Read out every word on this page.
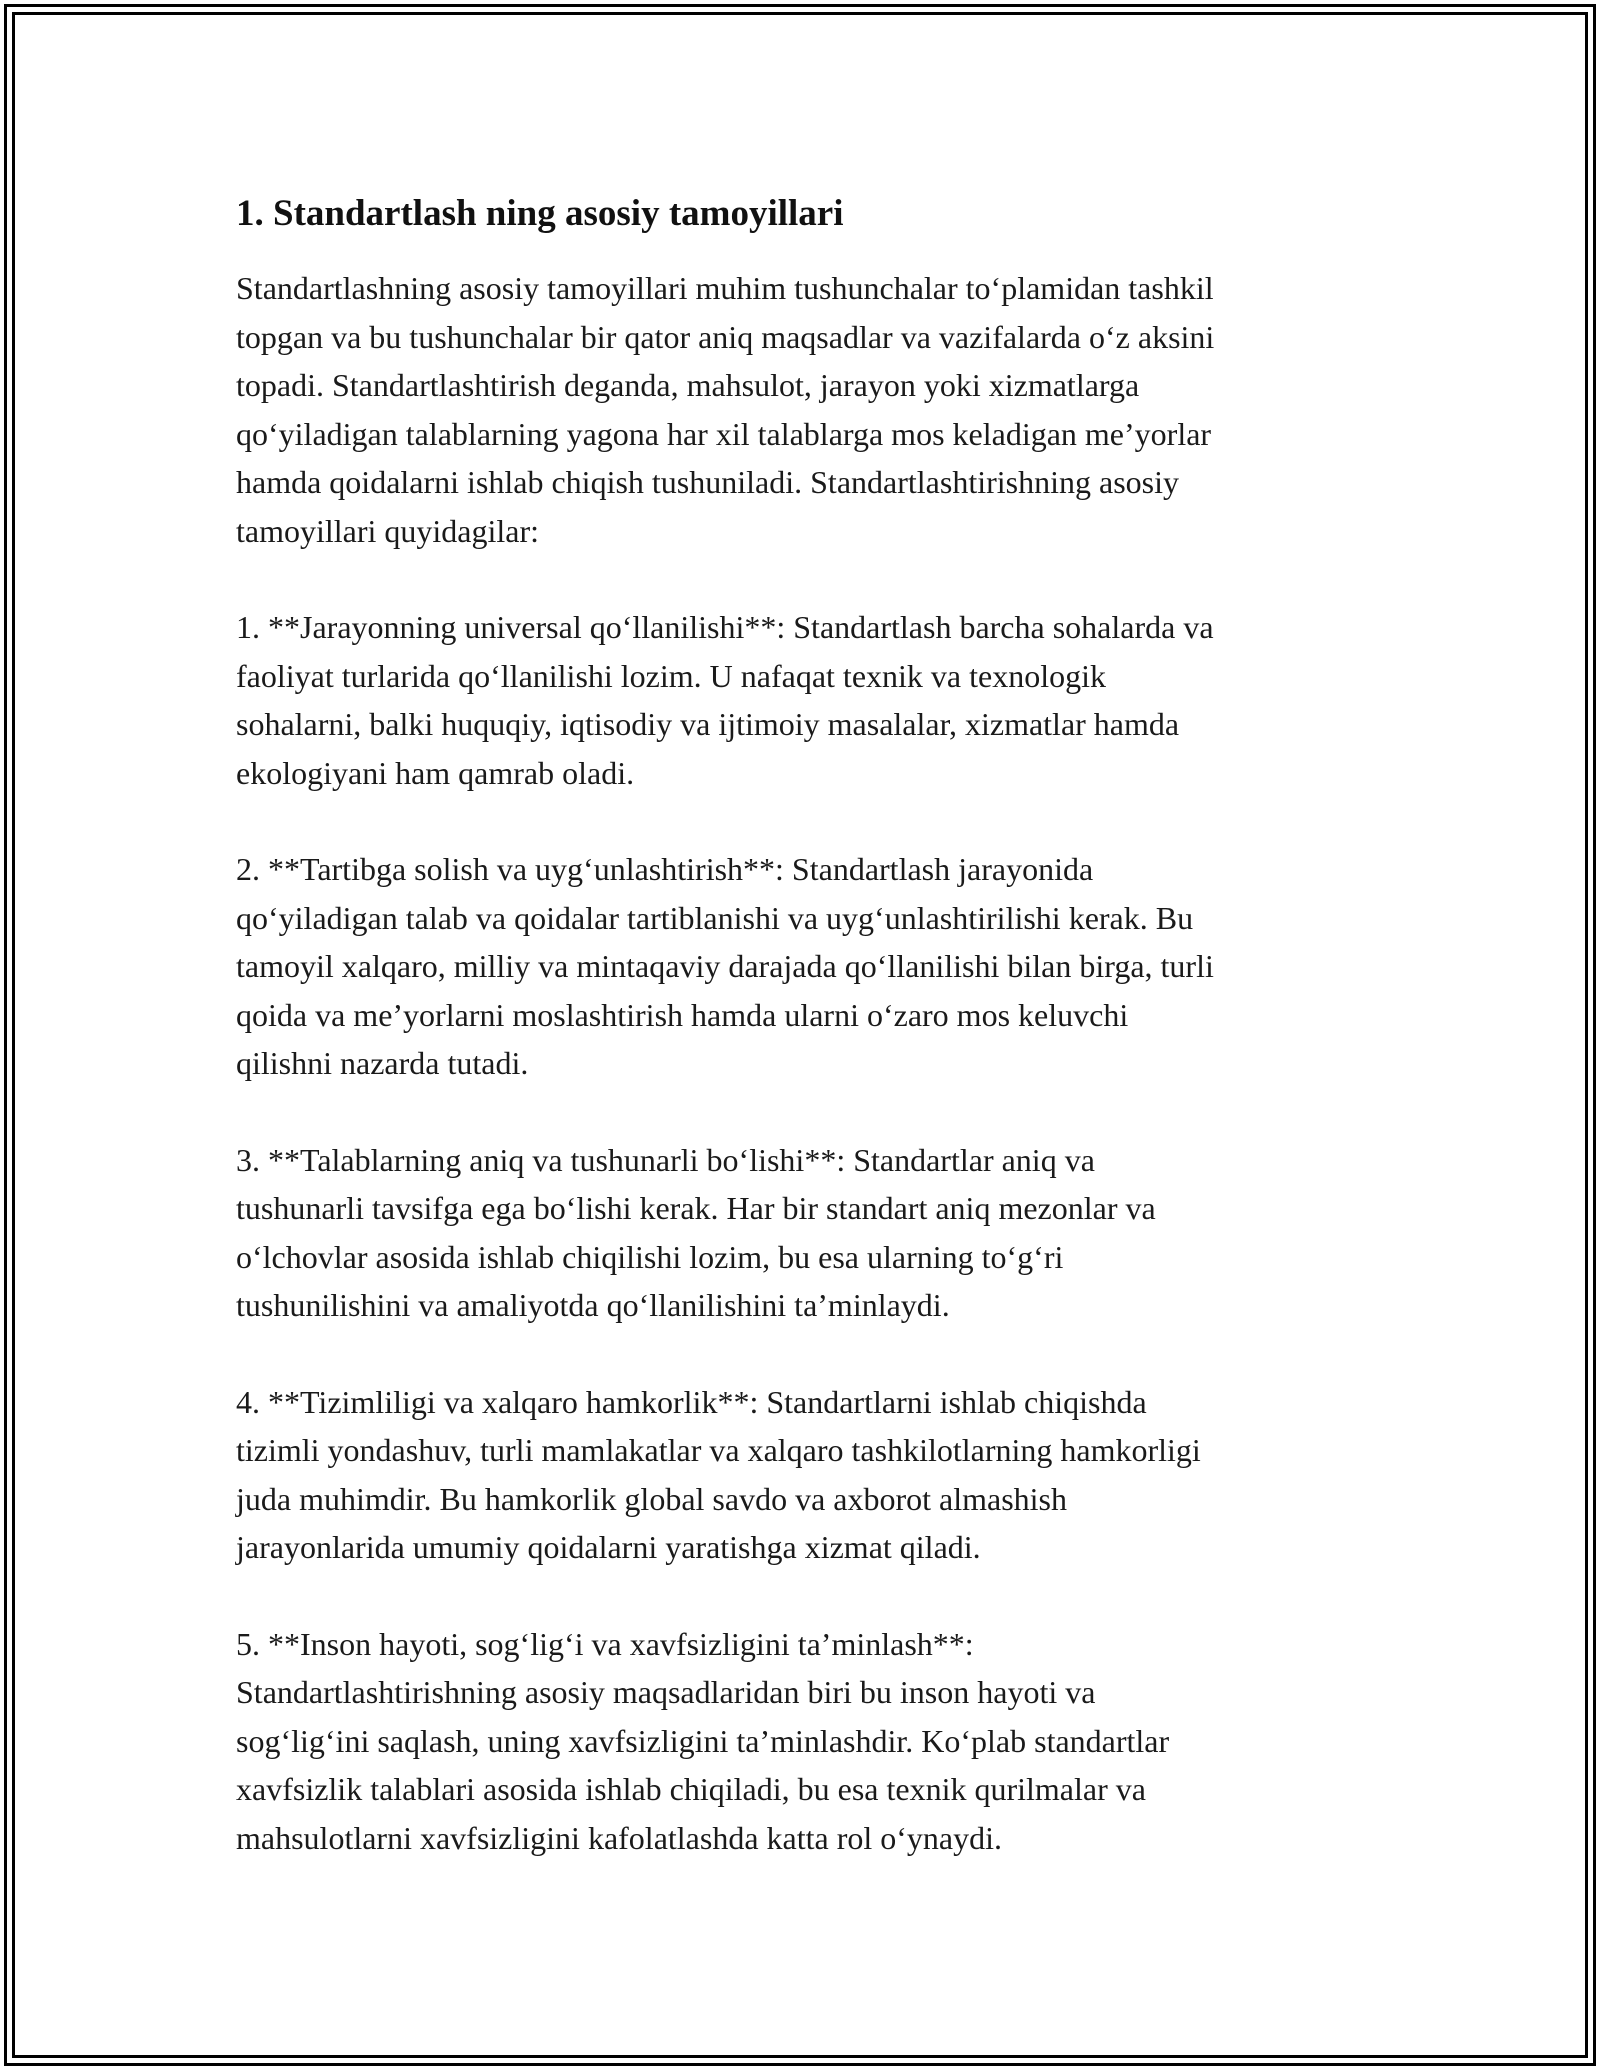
1. Standartlash ning asosiy tamoyillari

Standartlashning asosiy tamoyillari muhim tushunchalar to‘plamidan tashkil
topgan va bu tushunchalar bir qator aniq maqsadlar va vazifalarda o‘z aksini
topadi. Standartlashtirish deganda, mahsulot, jarayon yoki xizmatlarga
qo‘yiladigan talablarning yagona har xil talablarga mos keladigan me’yorlar
hamda qoidalarni ishlab chiqish tushuniladi. Standartlashtirishning asosiy
tamoyillari quyidagilar:

1. **Jarayonning universal qo‘llanilishi**: Standartlash barcha sohalarda va
faoliyat turlarida qo‘llanilishi lozim. U nafaqat texnik va texnologik
sohalarni, balki huquqiy, iqtisodiy va ijtimoiy masalalar, xizmatlar hamda
ekologiyani ham qamrab oladi.

2. **Tartibga solish va uyg‘unlashtirish**: Standartlash jarayonida
qo‘yiladigan talab va qoidalar tartiblanishi va uyg‘unlashtirilishi kerak. Bu
tamoyil xalqaro, milliy va mintaqaviy darajada qo‘llanilishi bilan birga, turli
qoida va me’yorlarni moslashtirish hamda ularni o‘zaro mos keluvchi
qilishni nazarda tutadi.

3. **Talablarning aniq va tushunarli bo‘lishi**: Standartlar aniq va
tushunarli tavsifga ega bo‘lishi kerak. Har bir standart aniq mezonlar va
o‘lchovlar asosida ishlab chiqilishi lozim, bu esa ularning to‘g‘ri
tushunilishini va amaliyotda qo‘llanilishini ta’minlaydi.

4. **Tizimliligi va xalqaro hamkorlik**: Standartlarni ishlab chiqishda
tizimli yondashuv, turli mamlakatlar va xalqaro tashkilotlarning hamkorligi
juda muhimdir. Bu hamkorlik global savdo va axborot almashish
jarayonlarida umumiy qoidalarni yaratishga xizmat qiladi.

5. **Inson hayoti, sog‘lig‘i va xavfsizligini ta’minlash**:
Standartlashtirishning asosiy maqsadlaridan biri bu inson hayoti va
sog‘lig‘ini saqlash, uning xavfsizligini ta’minlashdir. Ko‘plab standartlar
xavfsizlik talablari asosida ishlab chiqiladi, bu esa texnik qurilmalar va
mahsulotlarni xavfsizligini kafolatlashda katta rol o‘ynaydi.
